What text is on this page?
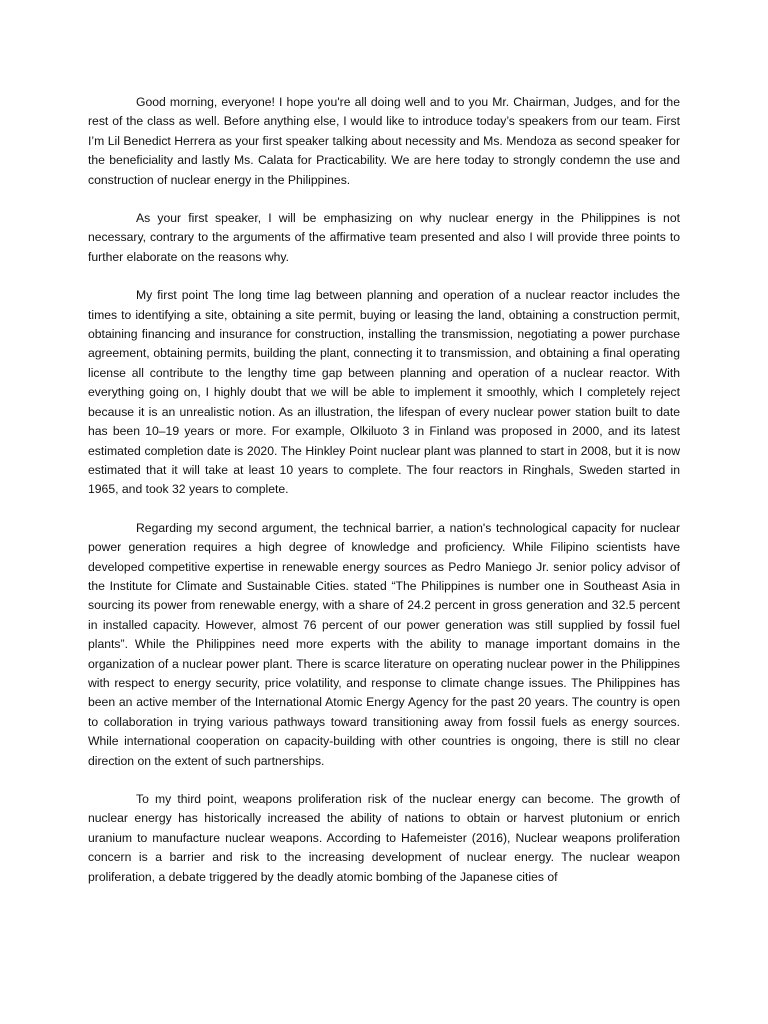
Good morning, everyone! I hope you're all doing well and to you Mr. Chairman, Judges, and for the rest of the class as well. Before anything else, I would like to introduce today’s speakers from our team. First I’m Lil Benedict Herrera as your first speaker talking about necessity and Ms. Mendoza as second speaker for the beneficiality and lastly Ms. Calata for Practicability. We are here today to strongly condemn the use and construction of nuclear energy in the Philippines.

As your first speaker, I will be emphasizing on why nuclear energy in the Philippines is not necessary, contrary to the arguments of the affirmative team presented and also I will provide three points to further elaborate on the reasons why.

My first point The long time lag between planning and operation of a nuclear reactor includes the times to identifying a site, obtaining a site permit, buying or leasing the land, obtaining a construction permit, obtaining financing and insurance for construction, installing the transmission, negotiating a power purchase agreement, obtaining permits, building the plant, connecting it to transmission, and obtaining a final operating license all contribute to the lengthy time gap between planning and operation of a nuclear reactor. With everything going on, I highly doubt that we will be able to implement it smoothly, which I completely reject because it is an unrealistic notion. As an illustration, the lifespan of every nuclear power station built to date has been 10–19 years or more. For example, Olkiluoto 3 in Finland was proposed in 2000, and its latest estimated completion date is 2020. The Hinkley Point nuclear plant was planned to start in 2008, but it is now estimated that it will take at least 10 years to complete. The four reactors in Ringhals, Sweden started in 1965, and took 32 years to complete.

Regarding my second argument, the technical barrier, a nation's technological capacity for nuclear power generation requires a high degree of knowledge and proficiency. While Filipino scientists have developed competitive expertise in renewable energy sources as Pedro Maniego Jr. senior policy advisor of the Institute for Climate and Sustainable Cities. stated “The Philippines is number one in Southeast Asia in sourcing its power from renewable energy, with a share of 24.2 percent in gross generation and 32.5 percent in installed capacity. However, almost 76 percent of our power generation was still supplied by fossil fuel plants”. While the Philippines need more experts with the ability to manage important domains in the organization of a nuclear power plant. There is scarce literature on operating nuclear power in the Philippines with respect to energy security, price volatility, and response to climate change issues. The Philippines has been an active member of the International Atomic Energy Agency for the past 20 years. The country is open to collaboration in trying various pathways toward transitioning away from fossil fuels as energy sources. While international cooperation on capacity-building with other countries is ongoing, there is still no clear direction on the extent of such partnerships.

To my third point, weapons proliferation risk of the nuclear energy can become. The growth of nuclear energy has historically increased the ability of nations to obtain or harvest plutonium or enrich uranium to manufacture nuclear weapons. According to Hafemeister (2016), Nuclear weapons proliferation concern is a barrier and risk to the increasing development of nuclear energy. The nuclear weapon proliferation, a debate triggered by the deadly atomic bombing of the Japanese cities of
